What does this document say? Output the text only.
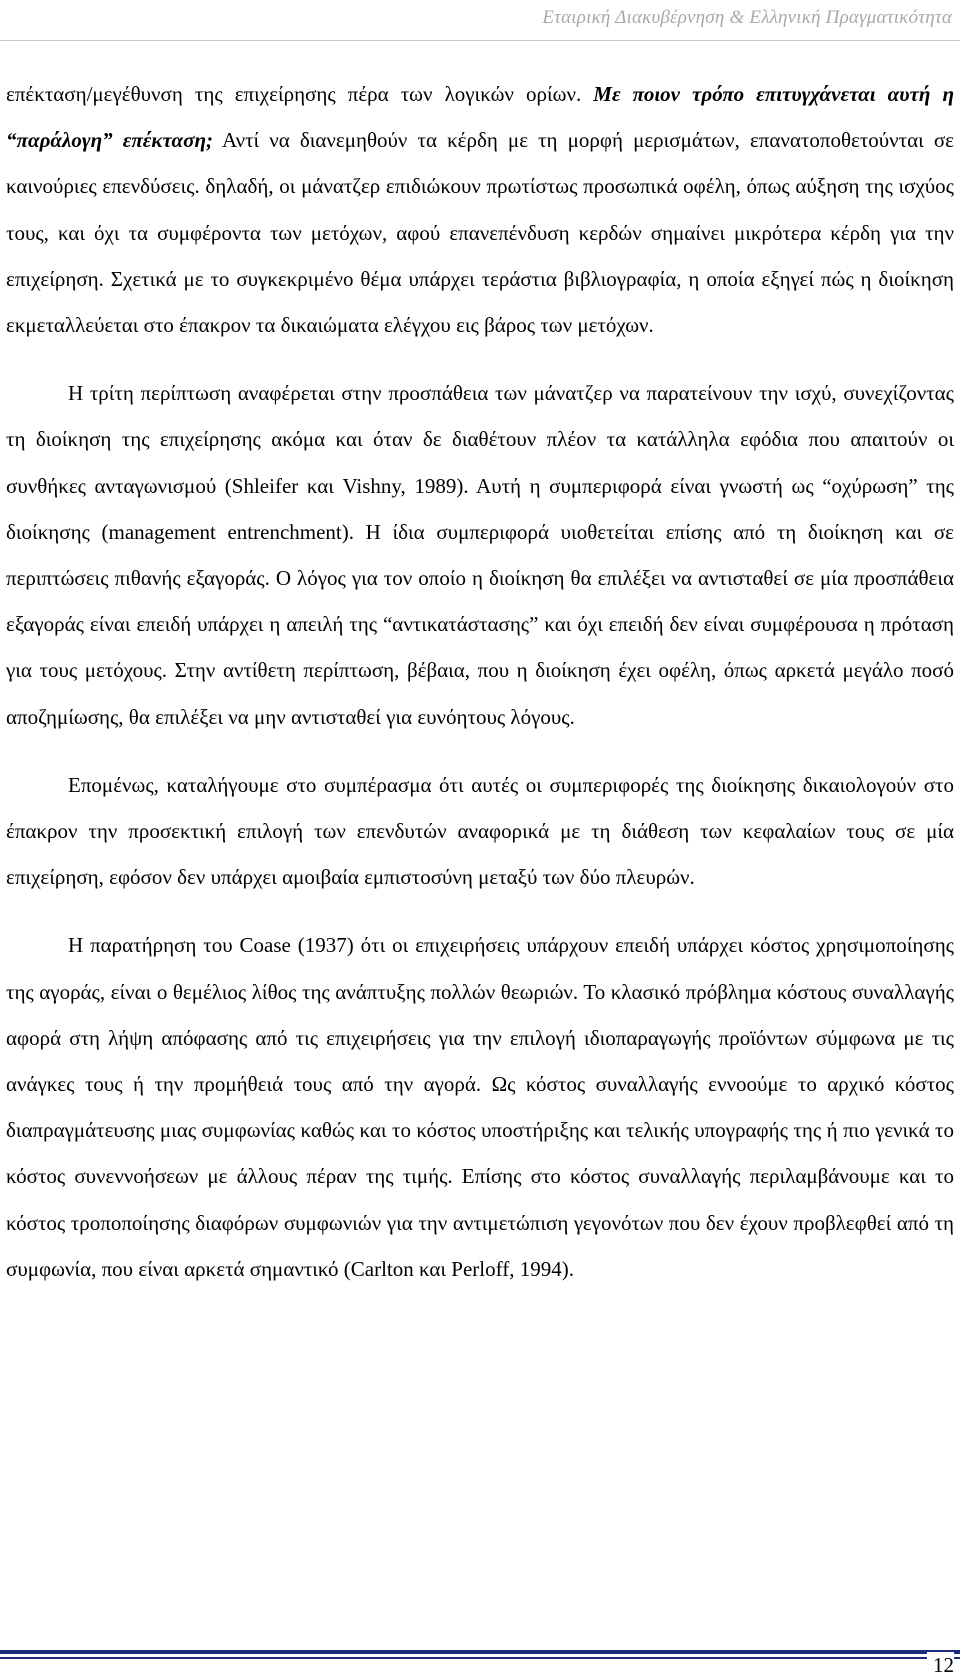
Εταιρική Διακυβέρνηση & Ελληνική Πραγματικότητα

επέκταση/μεγέθυνση της επιχείρησης πέρα των λογικών ορίων. Με ποιον τρόπο επιτυγχάνεται αυτή η “παράλογη” επέκταση; Αντί να διανεμηθούν τα κέρδη με τη μορφή μερισμάτων, επανατοποθετούνται σε καινούριες επενδύσεις. δηλαδή, οι μάνατζερ επιδιώκουν πρωτίστως προσωπικά οφέλη, όπως αύξηση της ισχύος τους, και όχι τα συμφέροντα των μετόχων, αφού επανεπένδυση κερδών σημαίνει μικρότερα κέρδη για την επιχείρηση. Σχετικά με το συγκεκριμένο θέμα υπάρχει τεράστια βιβλιογραφία, η οποία εξηγεί πώς η διοίκηση εκμεταλλεύεται στο έπακρον τα δικαιώματα ελέγχου εις βάρος των μετόχων.

Η τρίτη περίπτωση αναφέρεται στην προσπάθεια των μάνατζερ να παρατείνουν την ισχύ, συνεχίζοντας τη διοίκηση της επιχείρησης ακόμα και όταν δε διαθέτουν πλέον τα κατάλληλα εφόδια που απαιτούν οι συνθήκες ανταγωνισμού (Shleifer και Vishny, 1989). Αυτή η συμπεριφορά είναι γνωστή ως “οχύρωση” της διοίκησης (management entrenchment). Η ίδια συμπεριφορά υιοθετείται επίσης από τη διοίκηση και σε περιπτώσεις πιθανής εξαγοράς. Ο λόγος για τον οποίο η διοίκηση θα επιλέξει να αντισταθεί σε μία προσπάθεια εξαγοράς είναι επειδή υπάρχει η απειλή της “αντικατάστασης” και όχι επειδή δεν είναι συμφέρουσα η πρόταση για τους μετόχους. Στην αντίθετη περίπτωση, βέβαια, που η διοίκηση έχει οφέλη, όπως αρκετά μεγάλο ποσό αποζημίωσης, θα επιλέξει να μην αντισταθεί για ευνόητους λόγους.

Επομένως, καταλήγουμε στο συμπέρασμα ότι αυτές οι συμπεριφορές της διοίκησης δικαιολογούν στο έπακρον την προσεκτική επιλογή των επενδυτών αναφορικά με τη διάθεση των κεφαλαίων τους σε μία επιχείρηση, εφόσον δεν υπάρχει αμοιβαία εμπιστοσύνη μεταξύ των δύο πλευρών.

Η παρατήρηση του Coase (1937) ότι οι επιχειρήσεις υπάρχουν επειδή υπάρχει κόστος χρησιμοποίησης της αγοράς, είναι ο θεμέλιος λίθος της ανάπτυξης πολλών θεωριών. Το κλασικό πρόβλημα κόστους συναλλαγής αφορά στη λήψη απόφασης από τις επιχειρήσεις για την επιλογή ιδιοπαραγωγής προϊόντων σύμφωνα με τις ανάγκες τους ή την προμήθειά τους από την αγορά. Ως κόστος συναλλαγής εννοούμε το αρχικό κόστος διαπραγμάτευσης μιας συμφωνίας καθώς και το κόστος υποστήριξης και τελικής υπογραφής της ή πιο γενικά το κόστος συνεννοήσεων με άλλους πέραν της τιμής. Επίσης στο κόστος συναλλαγής περιλαμβάνουμε και το κόστος τροποποίησης διαφόρων συμφωνιών για την αντιμετώπιση γεγονότων που δεν έχουν προβλεφθεί από τη συμφωνία, που είναι αρκετά σημαντικό (Carlton και Perloff, 1994).

12
